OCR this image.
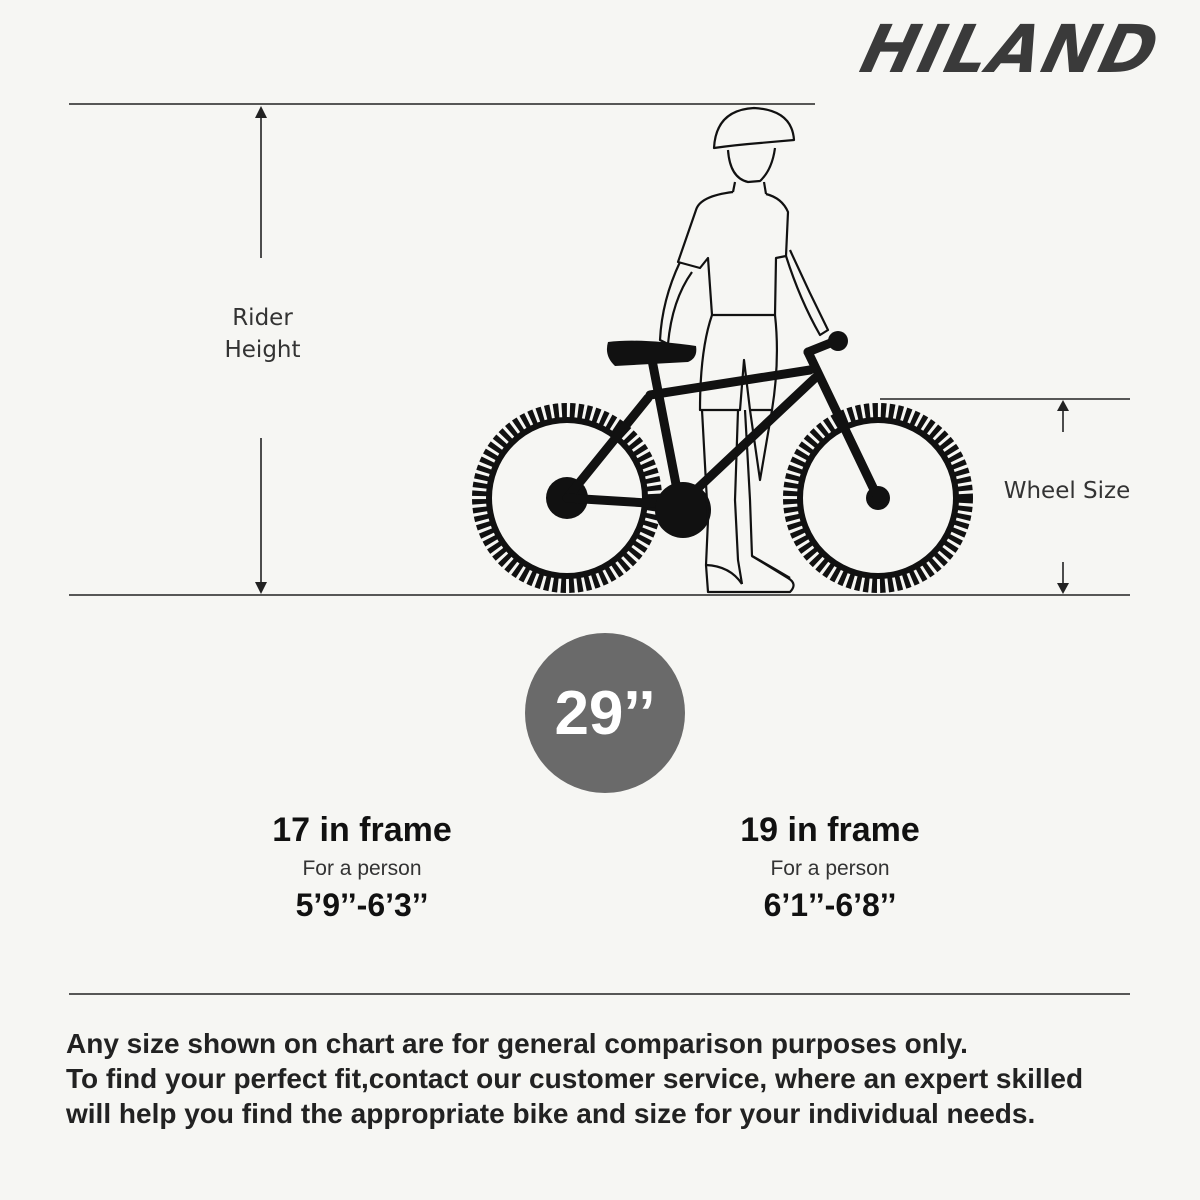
HILAND
Rider
Height
Wheel Size
29’’
17 in frame
For a person
5’9’’-6’3’’
19 in frame
For a person
6’1’’-6’8’’
Any size shown on chart are for general comparison purposes only.
To find your perfect fit,contact our customer service, where an expert skilled
will help you find the appropriate bike and size for your individual needs.
